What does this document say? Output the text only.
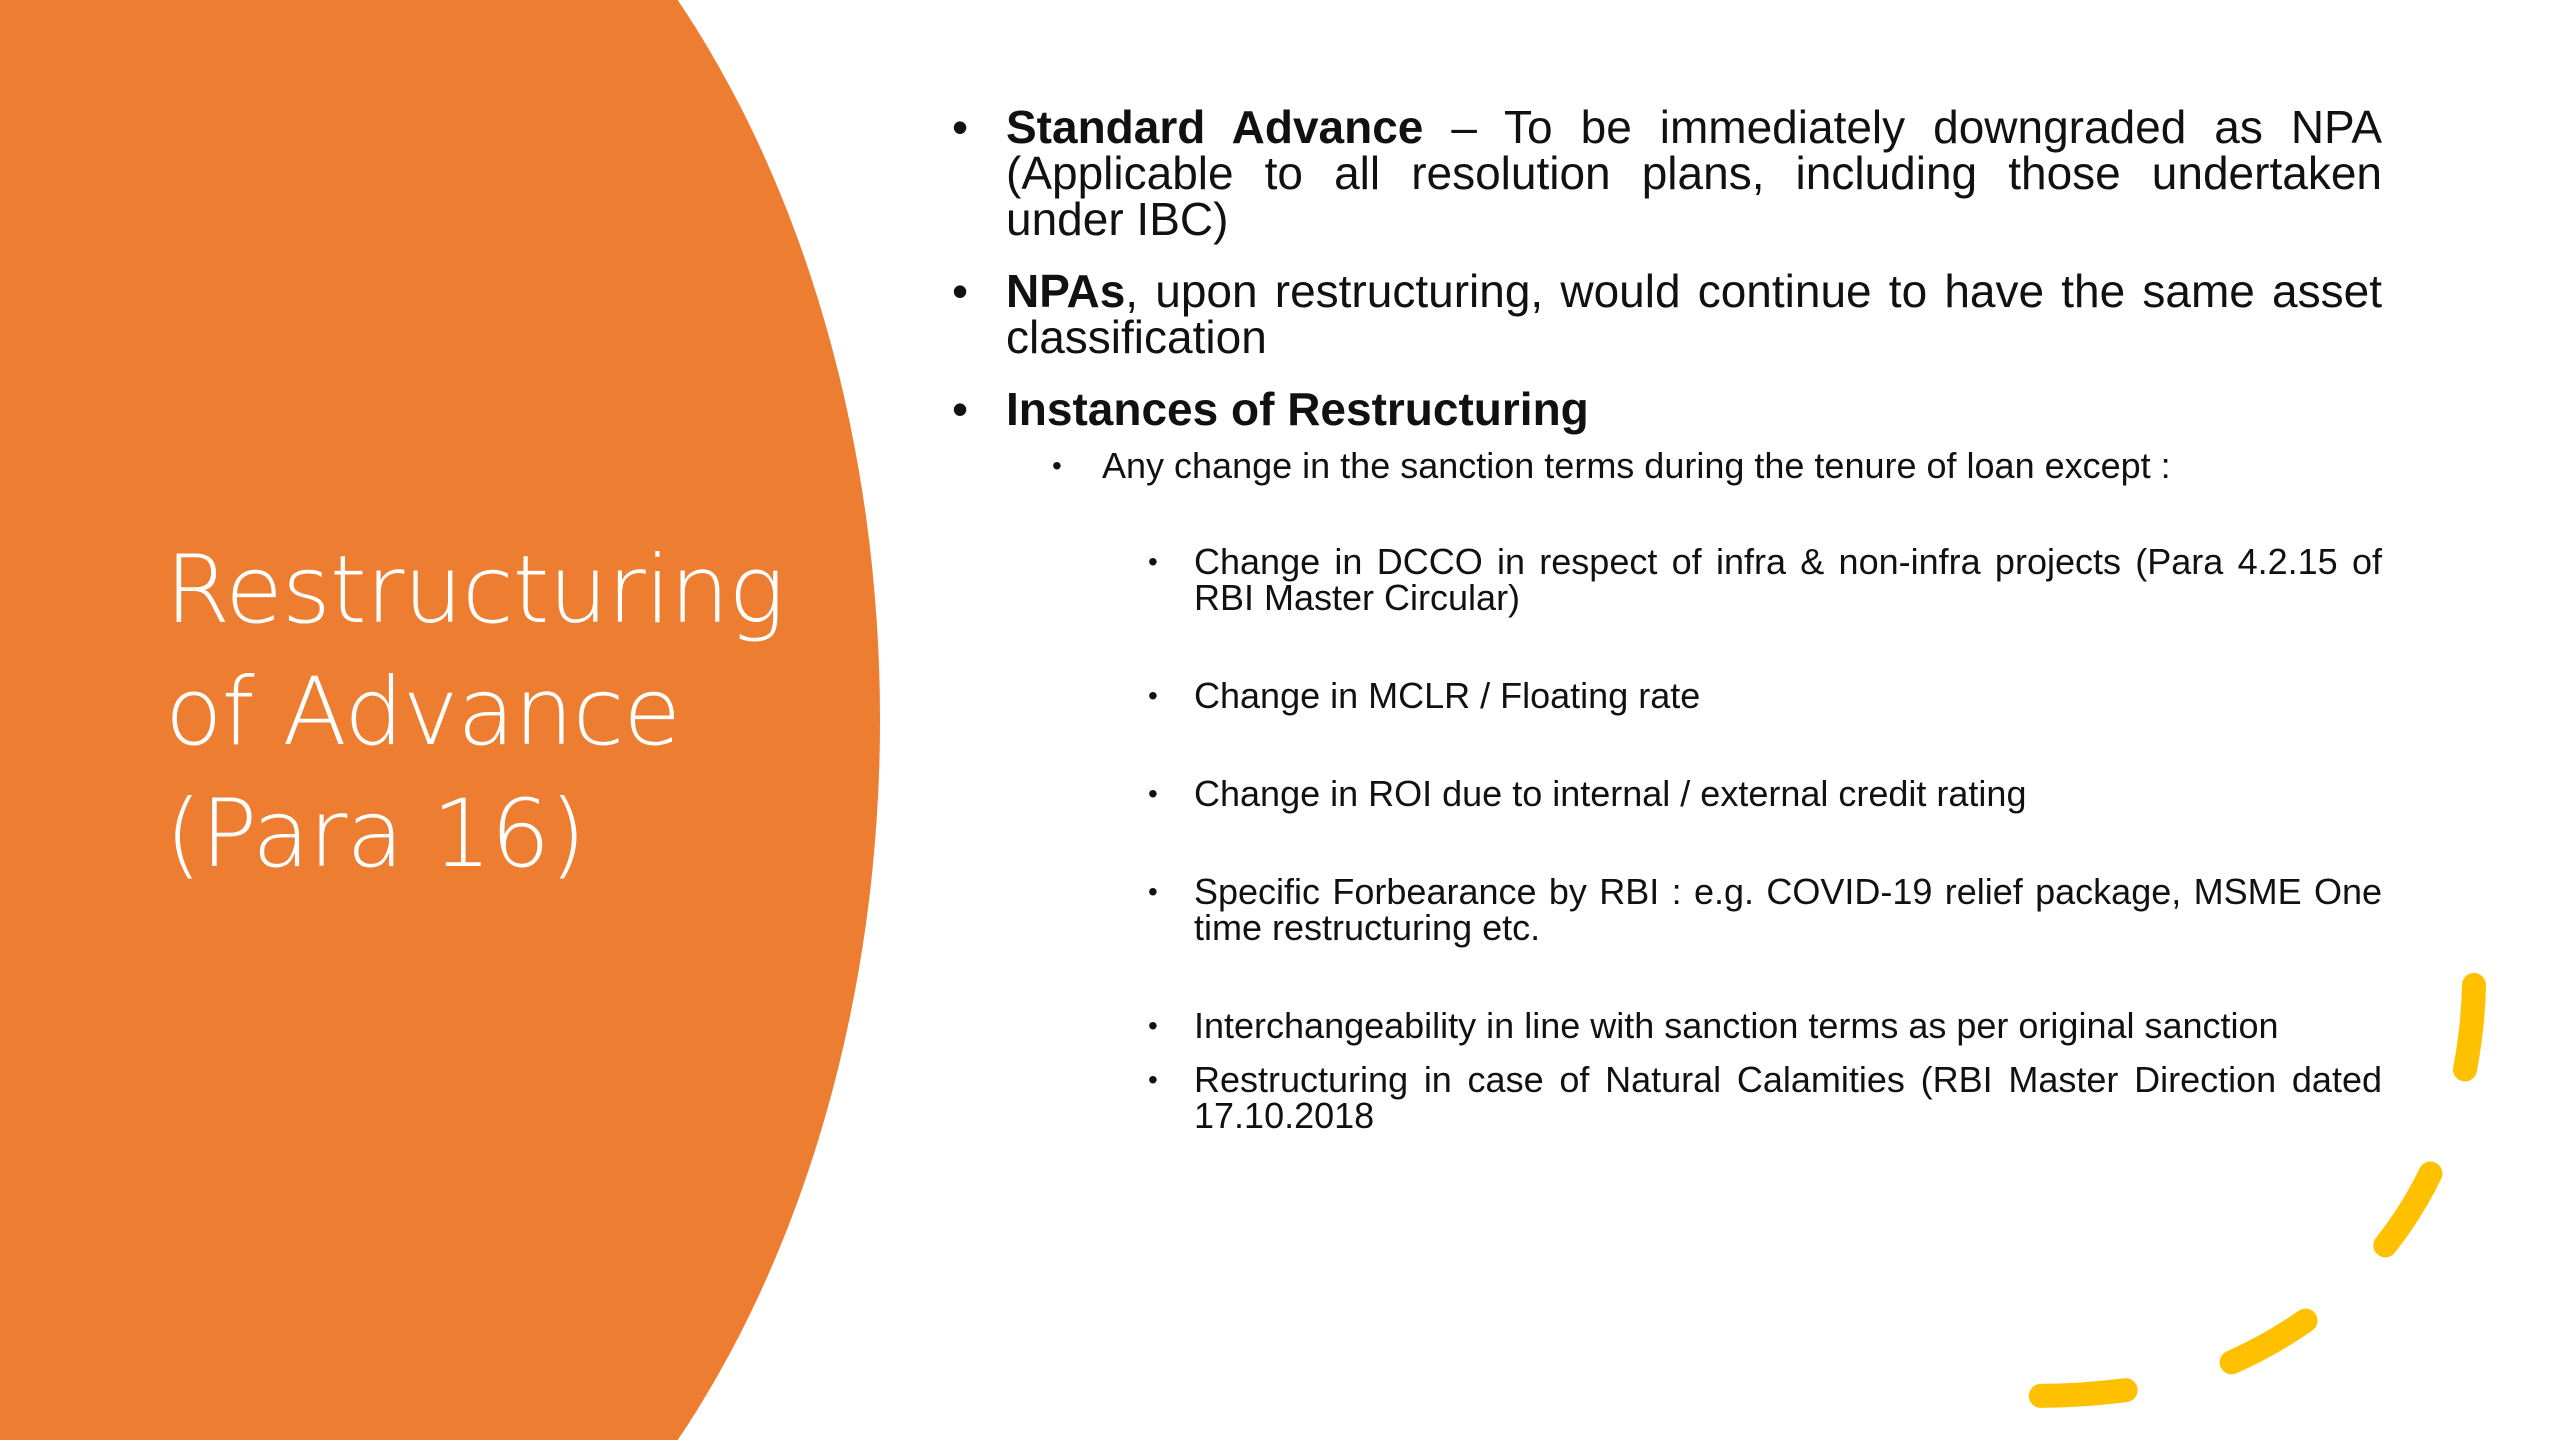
Restructuring
of Advance
(Para 16)
• Standard Advance – To be immediately downgraded as NPA (Applicable to all resolution plans, including those undertaken under IBC)
• NPAs, upon restructuring, would continue to have the same asset classification
• Instances of Restructuring
• Any change in the sanction terms during the tenure of loan except :
• Change in DCCO in respect of infra & non-infra projects (Para 4.2.15 of RBI Master Circular)
• Change in MCLR / Floating rate
• Change in ROI due to internal / external credit rating
• Specific Forbearance by RBI : e.g. COVID-19 relief package, MSME One time restructuring etc.
• Interchangeability in line with sanction terms as per original sanction
• Restructuring in case of Natural Calamities (RBI Master Direction dated 17.10.2018
